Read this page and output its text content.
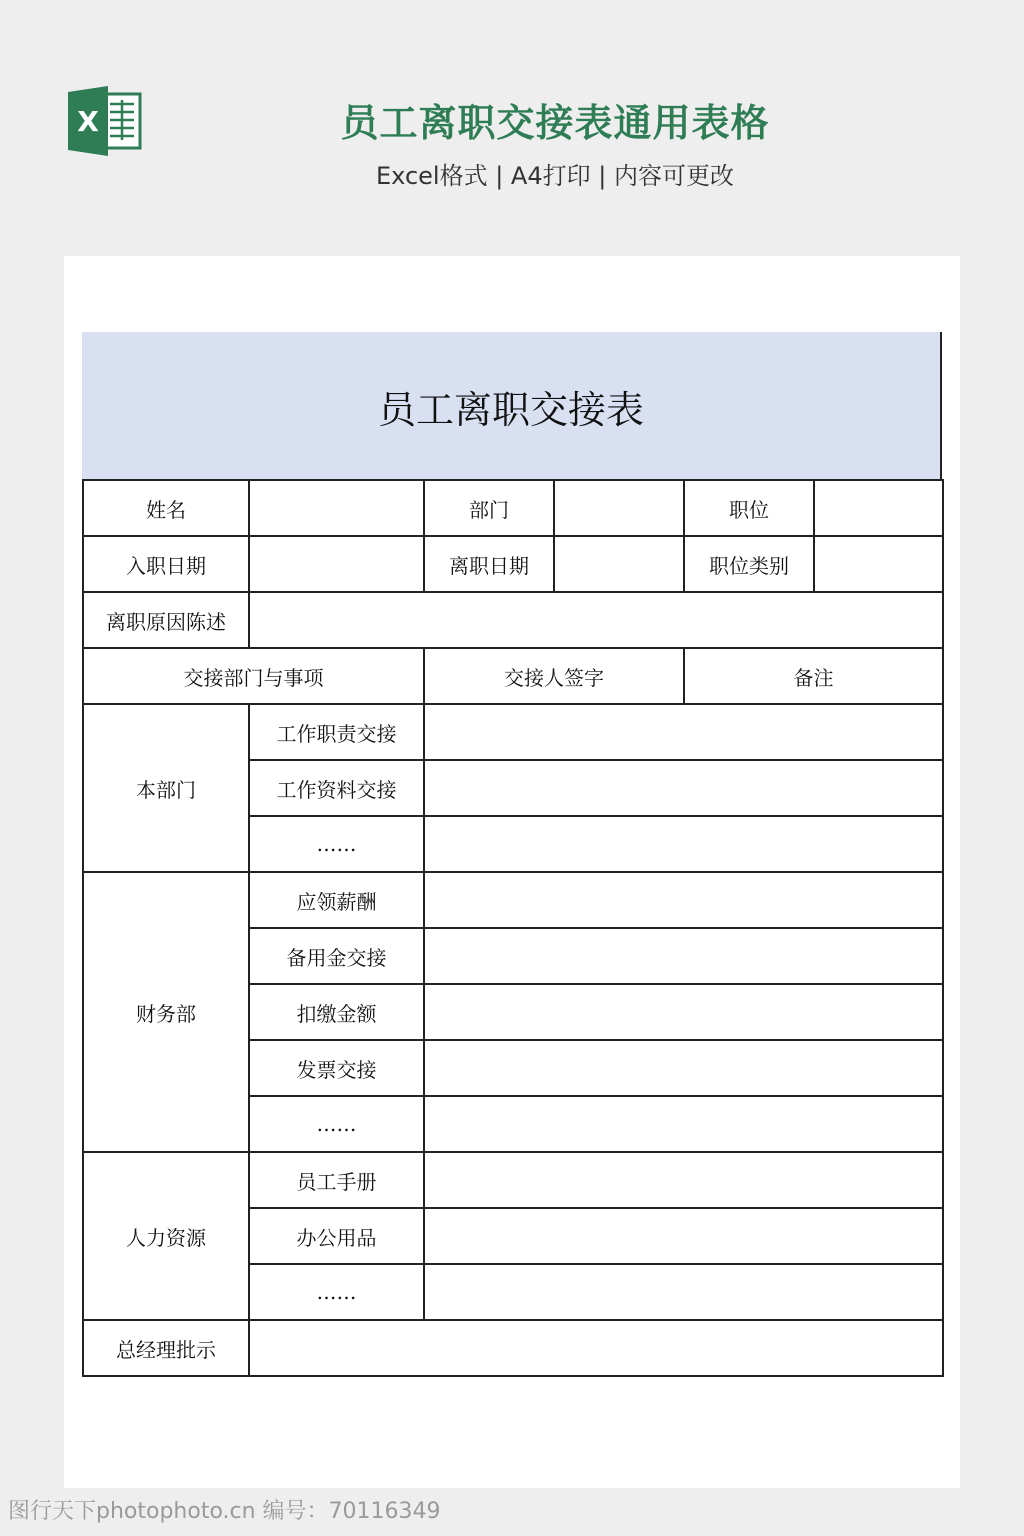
X	员工离职交接表通用表格
Excel格式 | A4打印 | 内容可更改
员工离职交接表
姓名		部门		职位	
入职日期		离职日期		职位类别	
离职原因陈述					
交接部门与事项		交接人签字		备注	
本部门	工作职责交接				
	工作资料交接				
	……				
财务部	应领薪酬				
	备用金交接				
	扣缴金额				
	发票交接				
	……				
人力资源	员工手册				
	办公用品				
	……				
总经理批示					
图行天下photophoto.cn 编号：70116349
